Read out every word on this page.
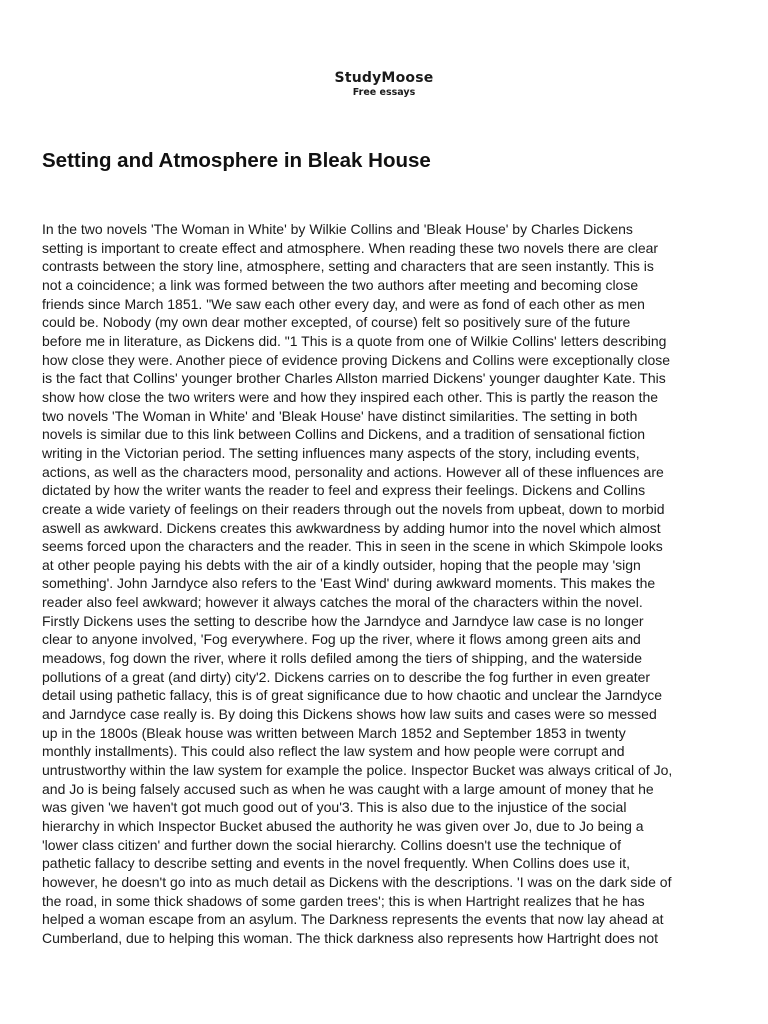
StudyMoose
Free essays
Setting and Atmosphere in Bleak House
In the two novels 'The Woman in White' by Wilkie Collins and 'Bleak House' by Charles Dickens
setting is important to create effect and atmosphere. When reading these two novels there are clear
contrasts between the story line, atmosphere, setting and characters that are seen instantly. This is
not a coincidence; a link was formed between the two authors after meeting and becoming close
friends since March 1851. "We saw each other every day, and were as fond of each other as men
could be. Nobody (my own dear mother excepted, of course) felt so positively sure of the future
before me in literature, as Dickens did. "1 This is a quote from one of Wilkie Collins' letters describing
how close they were. Another piece of evidence proving Dickens and Collins were exceptionally close
is the fact that Collins' younger brother Charles Allston married Dickens' younger daughter Kate. This
show how close the two writers were and how they inspired each other. This is partly the reason the
two novels 'The Woman in White' and 'Bleak House' have distinct similarities. The setting in both
novels is similar due to this link between Collins and Dickens, and a tradition of sensational fiction
writing in the Victorian period. The setting influences many aspects of the story, including events,
actions, as well as the characters mood, personality and actions. However all of these influences are
dictated by how the writer wants the reader to feel and express their feelings. Dickens and Collins
create a wide variety of feelings on their readers through out the novels from upbeat, down to morbid
aswell as awkward. Dickens creates this awkwardness by adding humor into the novel which almost
seems forced upon the characters and the reader. This in seen in the scene in which Skimpole looks
at other people paying his debts with the air of a kindly outsider, hoping that the people may 'sign
something'. John Jarndyce also refers to the 'East Wind' during awkward moments. This makes the
reader also feel awkward; however it always catches the moral of the characters within the novel.
Firstly Dickens uses the setting to describe how the Jarndyce and Jarndyce law case is no longer
clear to anyone involved, 'Fog everywhere. Fog up the river, where it flows among green aits and
meadows, fog down the river, where it rolls defiled among the tiers of shipping, and the waterside
pollutions of a great (and dirty) city'2. Dickens carries on to describe the fog further in even greater
detail using pathetic fallacy, this is of great significance due to how chaotic and unclear the Jarndyce
and Jarndyce case really is. By doing this Dickens shows how law suits and cases were so messed
up in the 1800s (Bleak house was written between March 1852 and September 1853 in twenty
monthly installments). This could also reflect the law system and how people were corrupt and
untrustworthy within the law system for example the police. Inspector Bucket was always critical of Jo,
and Jo is being falsely accused such as when he was caught with a large amount of money that he
was given 'we haven't got much good out of you'3. This is also due to the injustice of the social
hierarchy in which Inspector Bucket abused the authority he was given over Jo, due to Jo being a
'lower class citizen' and further down the social hierarchy. Collins doesn't use the technique of
pathetic fallacy to describe setting and events in the novel frequently. When Collins does use it,
however, he doesn't go into as much detail as Dickens with the descriptions. 'I was on the dark side of
the road, in some thick shadows of some garden trees'; this is when Hartright realizes that he has
helped a woman escape from an asylum. The Darkness represents the events that now lay ahead at
Cumberland, due to helping this woman. The thick darkness also represents how Hartright does not
